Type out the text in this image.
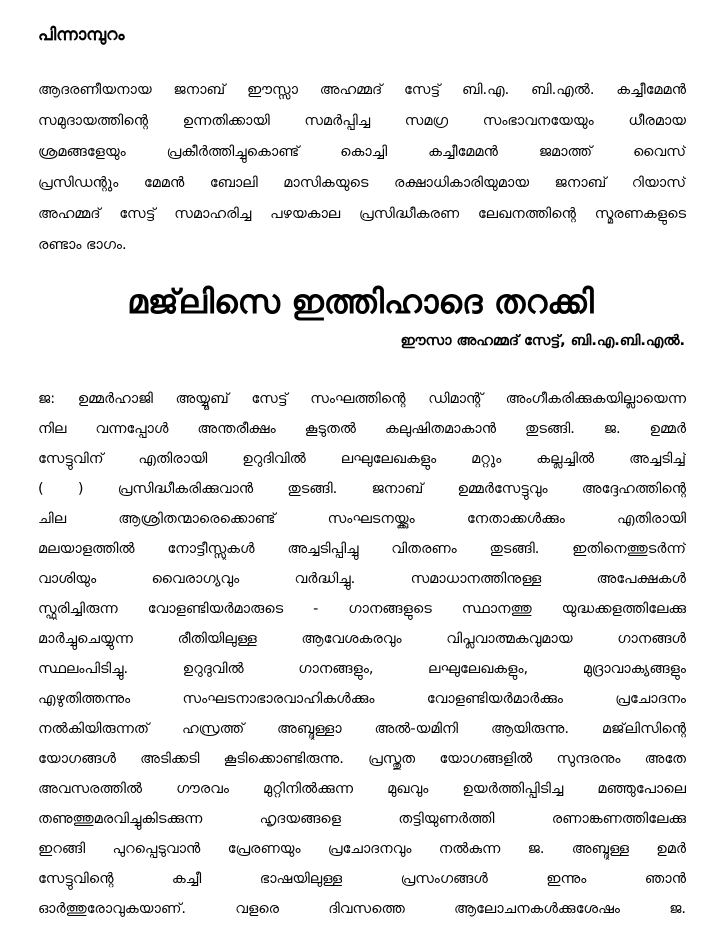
പിന്നാമ്പുറം
ആദരണീയനായ ജനാബ് ഈസ്സാ അഹമ്മദ് സേട്ട് ബി.എ. ബി.എൽ. കച്ചീമേമൻ
സമുദായത്തിന്റെ ഉന്നതിക്കായി സമർപ്പിച്ച സമഗ്ര സംഭാവനയേയും ധീരമായ
ശ്രമങ്ങളേയും പ്രകീർത്തിച്ചുകൊണ്ട് കൊച്ചി കച്ചീമേമൻ ജമാത്ത് വൈസ്
പ്രസിഡന്റും മേമൻ ബോലി മാസികയുടെ രക്ഷാധികാരിയുമായ ജനാബ് റിയാസ്
അഹമ്മദ് സേട്ട് സമാഹരിച്ച പഴയകാല പ്രസിദ്ധീകരണ ലേഖനത്തിന്റെ സ്മരണകളുടെ
രണ്ടാം ഭാഗം.
മജ്‌ലിസെ ഇത്തിഹാദെ തറക്കി
ഈസാ അഹമ്മദ് സേട്ട്, ബി.എ.ബി.എൽ.
ജ: ഉമ്മർഹാജി അയ്യൂബ് സേട്ട് സംഘത്തിന്റെ ഡിമാന്റ് അംഗീകരിക്കുകയില്ലായെന്ന
നില വന്നപ്പോൾ അന്തരീക്ഷം കൂടുതൽ കലുഷിതമാകാൻ തുടങ്ങി. ജ. ഉമ്മർ
സേട്ടുവിന് എതിരായി ഉറുദിവിൽ ലഘുലേഖകളും മറ്റും കല്ലച്ചിൽ അച്ചടിച്ച്
( ) പ്രസിദ്ധീകരിക്കുവാൻ തുടങ്ങി. ജനാബ് ഉമ്മർസേട്ടുവും അദ്ദേഹത്തിന്റെ
ചില ആശ്രിതന്മാരെക്കൊണ്ട് സംഘടനയ്ക്കും നേതാക്കൾക്കും എതിരായി
മലയാളത്തിൽ നോട്ടീസ്സുകൾ അച്ചടിപ്പിച്ചു വിതരണം തുടങ്ങി. ഇതിനെത്തുടർന്ന്
വാശിയും വൈരാഗ്യവും വർദ്ധിച്ചു. സമാധാനത്തിനുള്ള അപേക്ഷകൾ
സ്ഫുരിച്ചിരുന്ന വോളണ്ടിയർമാരുടെ - ഗാനങ്ങളുടെ സ്ഥാനത്തു യുദ്ധക്കളത്തിലേക്കു
മാർച്ചുചെയ്യുന്ന രീതിയിലുള്ള ആവേശകരവും വിപ്ലവാത്മകവുമായ ഗാനങ്ങൾ
സ്ഥലംപിടിച്ചു. ഉറുദുവിൽ ഗാനങ്ങളും, ലഘുലേഖകളും, മുദ്രാവാക്യങ്ങളും
എഴുതിത്തന്നും സംഘടനാഭാരവാഹികൾക്കും വോളണ്ടിയർമാർക്കും പ്രചോദനം
നൽകിയിരുന്നത് ഹസ്രത്ത് അബ്ദുള്ളാ അൽ-യമിനി ആയിരുന്നു. മജ്‌ലിസിന്റെ
യോഗങ്ങൾ അടിക്കടി കൂടിക്കൊണ്ടിരുന്നു. പ്രസ്തുത യോഗങ്ങളിൽ സുന്ദരനും അതേ
അവസരത്തിൽ ഗൗരവം മുറ്റിനിൽക്കുന്ന മുഖവും ഉയർത്തിപ്പിടിച്ച മഞ്ഞുപോലെ
തണുത്തുമരവിച്ചുകിടക്കുന്ന ഹൃദയങ്ങളെ തട്ടിയുണർത്തി രണാങ്കണത്തിലേക്കു
ഇറങ്ങി പുറപ്പെടുവാൻ പ്രേരണയും പ്രചോദനവും നൽകുന്ന ജ. അബ്ദുള്ള ഉമർ
സേട്ടുവിന്റെ കച്ചീ ഭാഷയിലുള്ള പ്രസംഗങ്ങൾ ഇന്നും ഞാൻ
ഓർത്തുരോവുകയാണ്. വളരെ ദിവസത്തെ ആലോചനകൾക്കുശേഷം ജ.
